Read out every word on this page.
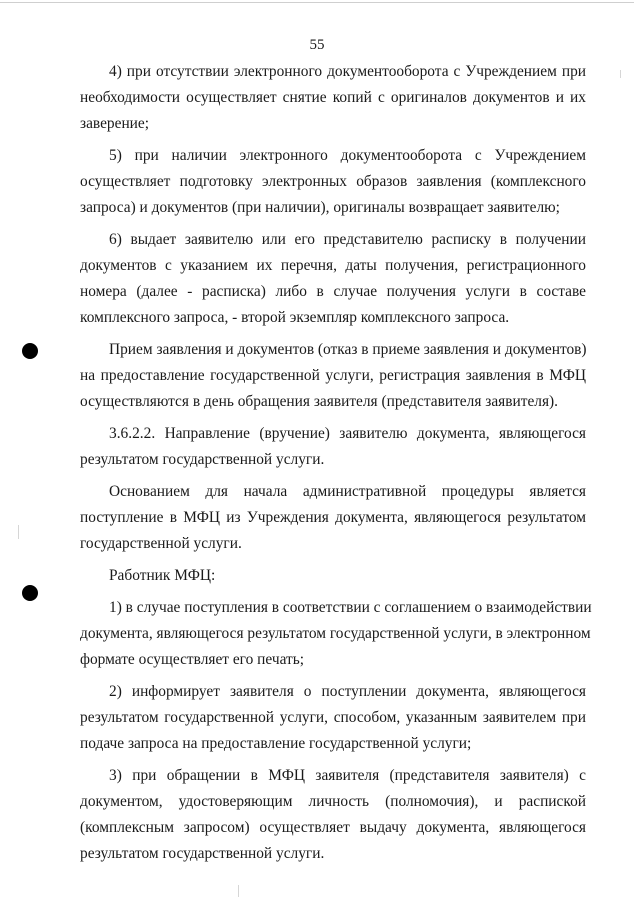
55
4) при отсутствии электронного документооборота с Учреждением при
необходимости осуществляет снятие копий с оригиналов документов и их
заверение;
5) при наличии электронного документооборота с Учреждением
осуществляет подготовку электронных образов заявления (комплексного
запроса) и документов (при наличии), оригиналы возвращает заявителю;
6) выдает заявителю или его представителю расписку в получении
документов с указанием их перечня, даты получения, регистрационного
номера (далее - расписка) либо в случае получения услуги в составе
комплексного запроса, - второй экземпляр комплексного запроса.
Прием заявления и документов (отказ в приеме заявления и документов)
на предоставление государственной услуги, регистрация заявления в МФЦ
осуществляются в день обращения заявителя (представителя заявителя).
3.6.2.2. Направление (вручение) заявителю документа, являющегося
результатом государственной услуги.
Основанием для начала административной процедуры является
поступление в МФЦ из Учреждения документа, являющегося результатом
государственной услуги.
Работник МФЦ:
1) в случае поступления в соответствии с соглашением о взаимодействии
документа, являющегося результатом государственной услуги, в электронном
формате осуществляет его печать;
2) информирует заявителя о поступлении документа, являющегося
результатом государственной услуги, способом, указанным заявителем при
подаче запроса на предоставление государственной услуги;
3) при обращении в МФЦ заявителя (представителя заявителя) с
документом, удостоверяющим личность (полномочия), и распиской
(комплексным запросом) осуществляет выдачу документа, являющегося
результатом государственной услуги.
